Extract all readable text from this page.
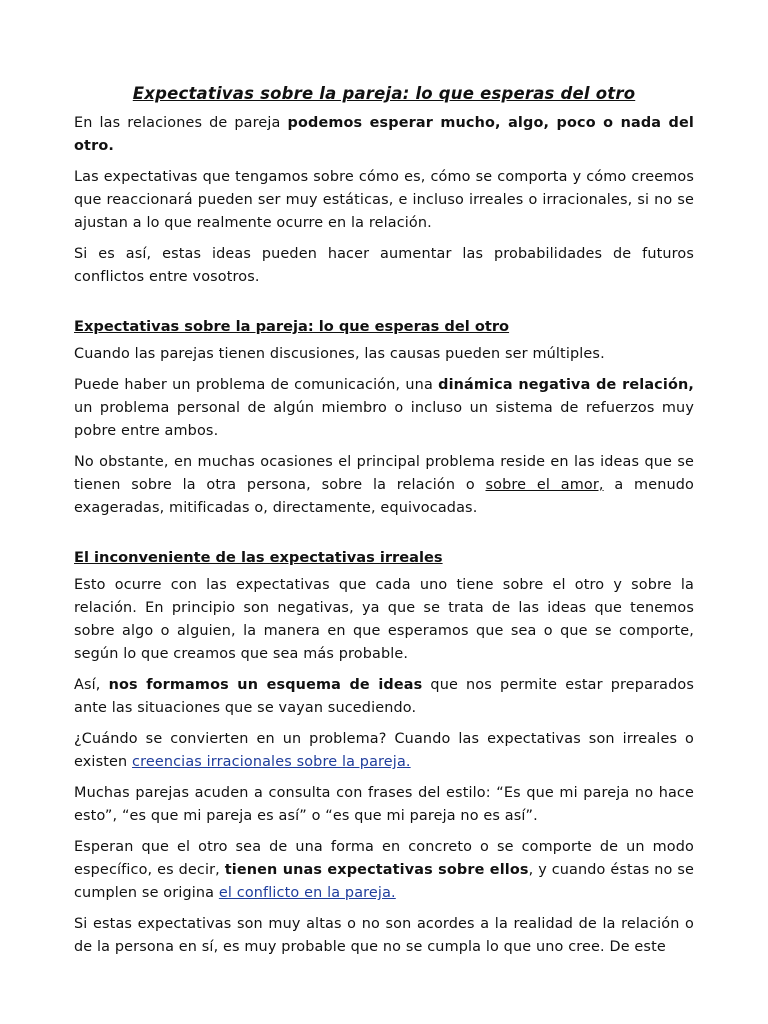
Expectativas sobre la pareja: lo que esperas del otro

En las relaciones de pareja podemos esperar mucho, algo, poco o nada del otro.

Las expectativas que tengamos sobre cómo es, cómo se comporta y cómo creemos que reaccionará pueden ser muy estáticas, e incluso irreales o irracionales, si no se ajustan a lo que realmente ocurre en la relación.

Si es así, estas ideas pueden hacer aumentar las probabilidades de futuros conflictos entre vosotros.

Expectativas sobre la pareja: lo que esperas del otro

Cuando las parejas tienen discusiones, las causas pueden ser múltiples.

Puede haber un problema de comunicación, una dinámica negativa de relación, un problema personal de algún miembro o incluso un sistema de refuerzos muy pobre entre ambos.

No obstante, en muchas ocasiones el principal problema reside en las ideas que se tienen sobre la otra persona, sobre la relación o sobre el amor, a menudo exageradas, mitificadas o, directamente, equivocadas.

El inconveniente de las expectativas irreales

Esto ocurre con las expectativas que cada uno tiene sobre el otro y sobre la relación. En principio son negativas, ya que se trata de las ideas que tenemos sobre algo o alguien, la manera en que esperamos que sea o que se comporte, según lo que creamos que sea más probable.

Así, nos formamos un esquema de ideas que nos permite estar preparados ante las situaciones que se vayan sucediendo.

¿Cuándo se convierten en un problema? Cuando las expectativas son irreales o existen creencias irracionales sobre la pareja.

Muchas parejas acuden a consulta con frases del estilo: “Es que mi pareja no hace esto”, “es que mi pareja es así” o “es que mi pareja no es así”.

Esperan que el otro sea de una forma en concreto o se comporte de un modo específico, es decir, tienen unas expectativas sobre ellos, y cuando éstas no se cumplen se origina el conflicto en la pareja.

Si estas expectativas son muy altas o no son acordes a la realidad de la relación o de la persona en sí, es muy probable que no se cumpla lo que uno cree. De este
